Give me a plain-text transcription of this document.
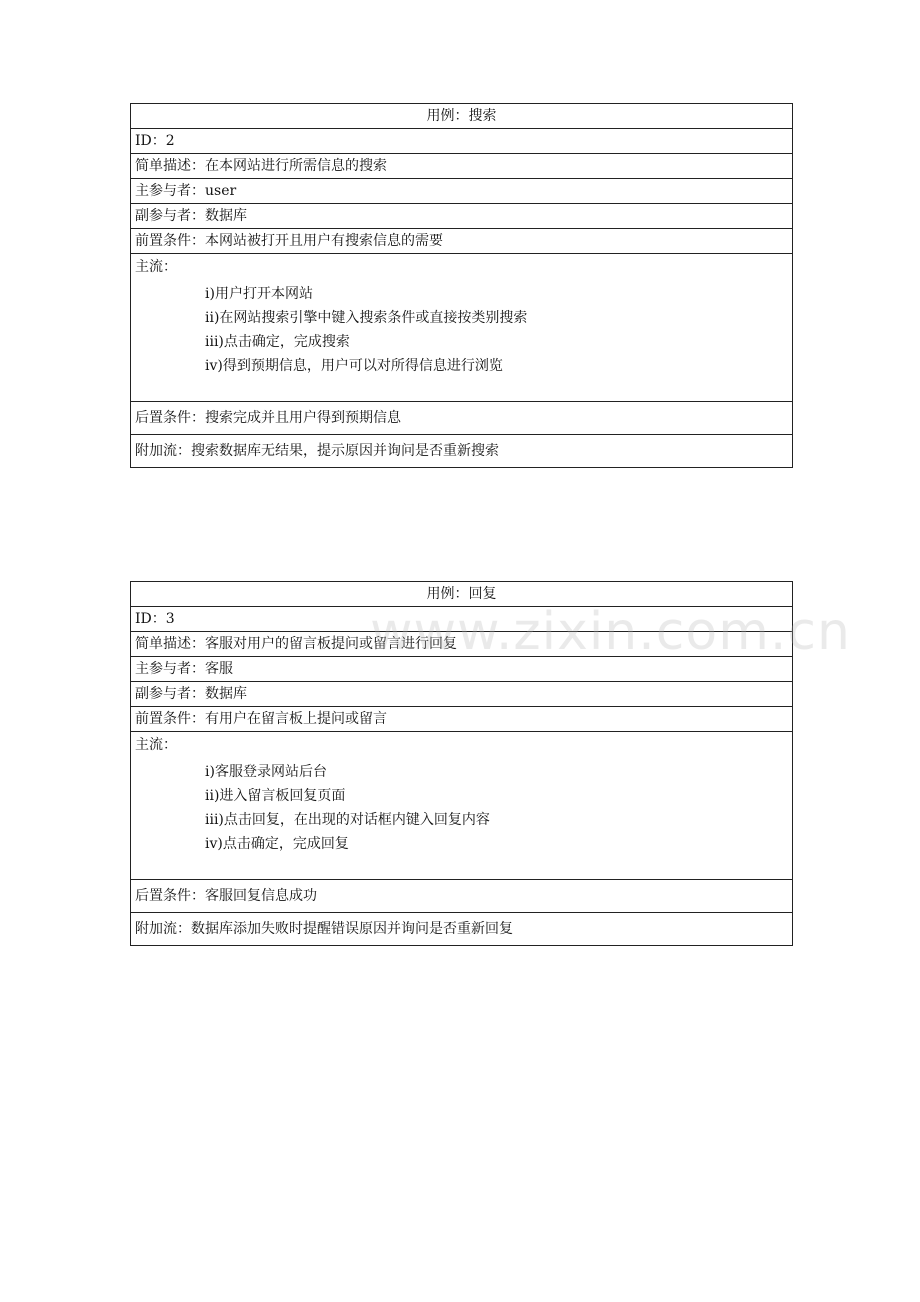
用例：搜索
ID：2
简单描述：在本网站进行所需信息的搜索
主参与者：user
副参与者：数据库
前置条件：本网站被打开且用户有搜索信息的需要

主流：
i)用户打开本网站
ii)在网站搜索引擎中键入搜索条件或直接按类别搜索
iii)点击确定，完成搜索
iv)得到预期信息，用户可以对所得信息进行浏览

后置条件：搜索完成并且用户得到预期信息
附加流：搜索数据库无结果，提示原因并询问是否重新搜索
用例：回复
ID：3
简单描述：客服对用户的留言板提问或留言进行回复
主参与者：客服
副参与者：数据库
前置条件：有用户在留言板上提问或留言

主流：
i)客服登录网站后台
ii)进入留言板回复页面
iii)点击回复，在出现的对话框内键入回复内容
iv)点击确定，完成回复

后置条件：客服回复信息成功
附加流：数据库添加失败时提醒错误原因并询问是否重新回复
www.zixin.com.cn
